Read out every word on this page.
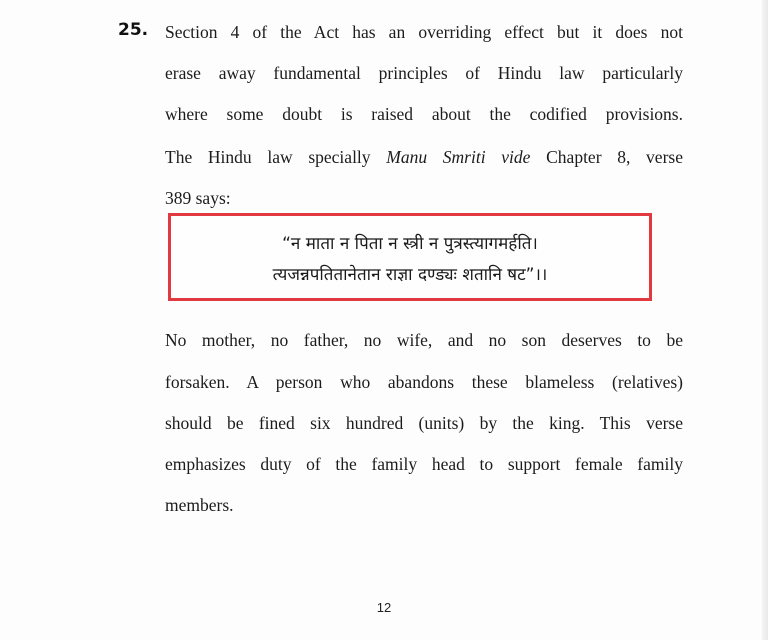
25. Section 4 of the Act has an overriding effect but it does not
erase away fundamental principles of Hindu law particularly
where some doubt is raised about the codified provisions.
The Hindu law specially Manu Smriti vide Chapter 8, verse
389 says:
“न माता न पिता न स्त्री न पुत्रस्त्यागमर्हति।
त्यजन्नपतितानेतान राज्ञा दण्ड्यः शतानि षट”।।
No mother, no father, no wife, and no son deserves to be
forsaken. A person who abandons these blameless (relatives)
should be fined six hundred (units) by the king. This verse
emphasizes duty of the family head to support female family
members.
12
